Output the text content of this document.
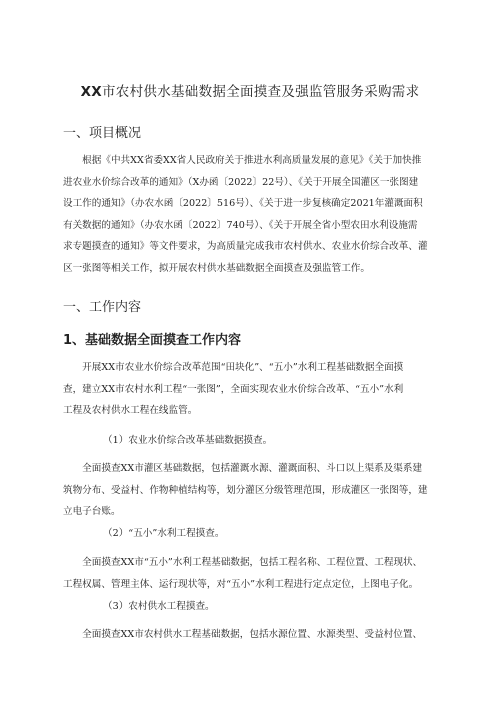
XX市农村供水基础数据全面摸查及强监管服务采购需求
一、项目概况

　　根据《中共XX省委XX省人民政府关于推进水利高质量发展的意见》《关于加快推

进农业水价综合改革的通知》（X办函〔2022〕22号）、《关于开展全国灌区一张图建

设工作的通知》（办农水函〔2022〕516号）、《关于进一步复核确定2021年灌溉面积

有关数据的通知》（办农水函〔2022〕740号）、《关于开展全省小型农田水利设施需

求专题摸查的通知》等文件要求，为高质量完成我市农村供水、农业水价综合改革、灌

区一张图等相关工作，拟开展农村供水基础数据全面摸查及强监管工作。

一、工作内容
1、基础数据全面摸查工作内容

　　开展XX市农业水价综合改革范围“田块化”、“五小”水利工程基础数据全面摸

查，建立XX市农村水利工程“一张图”，全面实现农业水价综合改革、“五小”水利

工程及农村供水工程在线监管。

（1）农业水价综合改革基础数据摸查。

　　全面摸查XX市灌区基础数据，包括灌溉水源、灌溉面积、斗口以上渠系及渠系建

筑物分布、受益村、作物种植结构等，划分灌区分级管理范围，形成灌区一张图等，建

立电子台账。

（2）“五小”水利工程摸查。

　　全面摸查XX市“五小”水利工程基础数据，包括工程名称、工程位置、工程现状、

工程权属、管理主体、运行现状等，对“五小”水利工程进行定点定位，上图电子化。

（3）农村供水工程摸查。

　　全面摸查XX市农村供水工程基础数据，包括水源位置、水源类型、受益村位置、
